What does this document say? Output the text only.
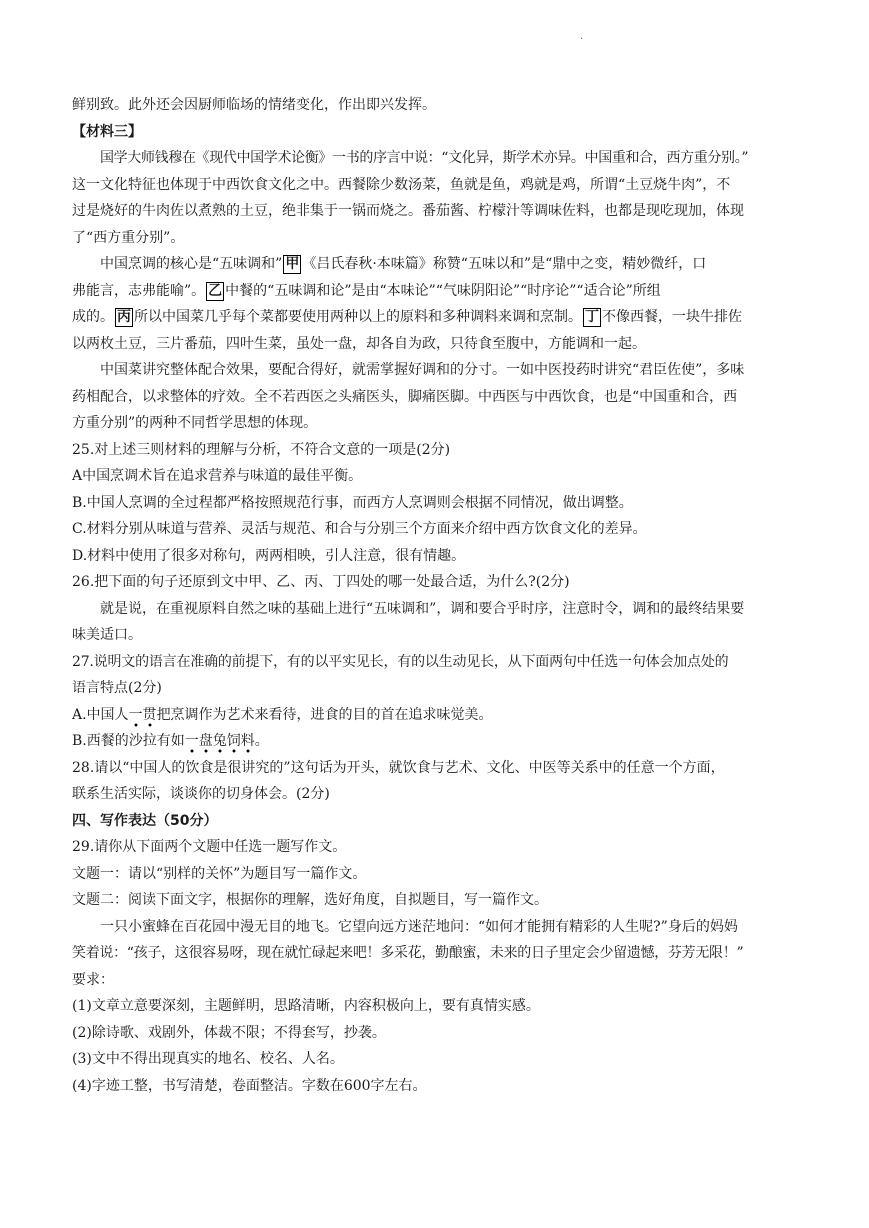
·
鲜别致。此外还会因厨师临场的情绪变化，作出即兴发挥。
【材料三】
国学大师钱穆在《现代中国学术论衡》一书的序言中说：“文化异，斯学术亦异。中国重和合，西方重分别。”
这一文化特征也体现于中西饮食文化之中。西餐除少数汤菜，鱼就是鱼，鸡就是鸡，所谓“土豆烧牛肉”，不
过是烧好的牛肉佐以煮熟的土豆，绝非集于一锅而烧之。番茄酱、柠檬汁等调味佐料，也都是现吃现加，体现
了“西方重分别”。
中国烹调的核心是“五味调和” 甲 《吕氏春秋·本味篇》称赞“五味以和”是“鼎中之变，精妙微纤，口
弗能言，志弗能喻”。 乙 中餐的“五味调和论”是由“本味论”“气味阴阳论”“时序论”“适合论”所组
成的。 丙 所以中国菜几乎每个菜都要使用两种以上的原料和多种调料来调和烹制。 丁 不像西餐，一块牛排佐
以两枚土豆，三片番茄，四叶生菜，虽处一盘，却各自为政，只待食至腹中，方能调和一起。
中国菜讲究整体配合效果，要配合得好，就需掌握好调和的分寸。一如中医投药时讲究“君臣佐使”，多味
药相配合，以求整体的疗效。全不若西医之头痛医头，脚痛医脚。中西医与中西饮食，也是“中国重和合，西
方重分别”的两种不同哲学思想的体现。
25.对上述三则材料的理解与分析，不符合文意的一项是(2分)
A中国烹调术旨在追求营养与味道的最佳平衡。
B.中国人烹调的全过程都严格按照规范行事，而西方人烹调则会根据不同情况，做出调整。
C.材料分别从味道与营养、灵活与规范、和合与分别三个方面来介绍中西方饮食文化的差异。
D.材料中使用了很多对称句，两两相映，引人注意，很有情趣。
26.把下面的句子还原到文中甲、乙、丙、丁四处的哪一处最合适，为什么?(2分)
就是说，在重视原料自然之味的基础上进行“五味调和”，调和要合乎时序，注意时令，调和的最终结果要
味美适口。
27.说明文的语言在准确的前提下，有的以平实见长，有的以生动见长，从下面两句中任选一句体会加点处的
语言特点(2分)
A.中国人一贯把烹调作为艺术来看待，进食的目的首在追求味觉美。
B.西餐的沙拉有如一盘兔饲料。
28.请以“中国人的饮食是很讲究的”这句话为开头，就饮食与艺术、文化、中医等关系中的任意一个方面，
联系生活实际，谈谈你的切身体会。(2分)
四、写作表达（50分）
29.请你从下面两个文题中任选一题写作文。
文题一：请以“别样的关怀”为题目写一篇作文。
文题二：阅读下面文字，根据你的理解，选好角度，自拟题目，写一篇作文。
一只小蜜蜂在百花园中漫无目的地飞。它望向远方迷茫地问：“如何才能拥有精彩的人生呢?”身后的妈妈
笑着说：“孩子，这很容易呀，现在就忙碌起来吧！多采花，勤酿蜜，未来的日子里定会少留遗憾，芬芳无限！”
要求：
(1)文章立意要深刻，主题鲜明，思路清晰，内容积极向上，要有真情实感。
(2)除诗歌、戏剧外，体裁不限；不得套写，抄袭。
(3)文中不得出现真实的地名、校名、人名。
(4)字迹工整，书写清楚，卷面整洁。字数在600字左右。
